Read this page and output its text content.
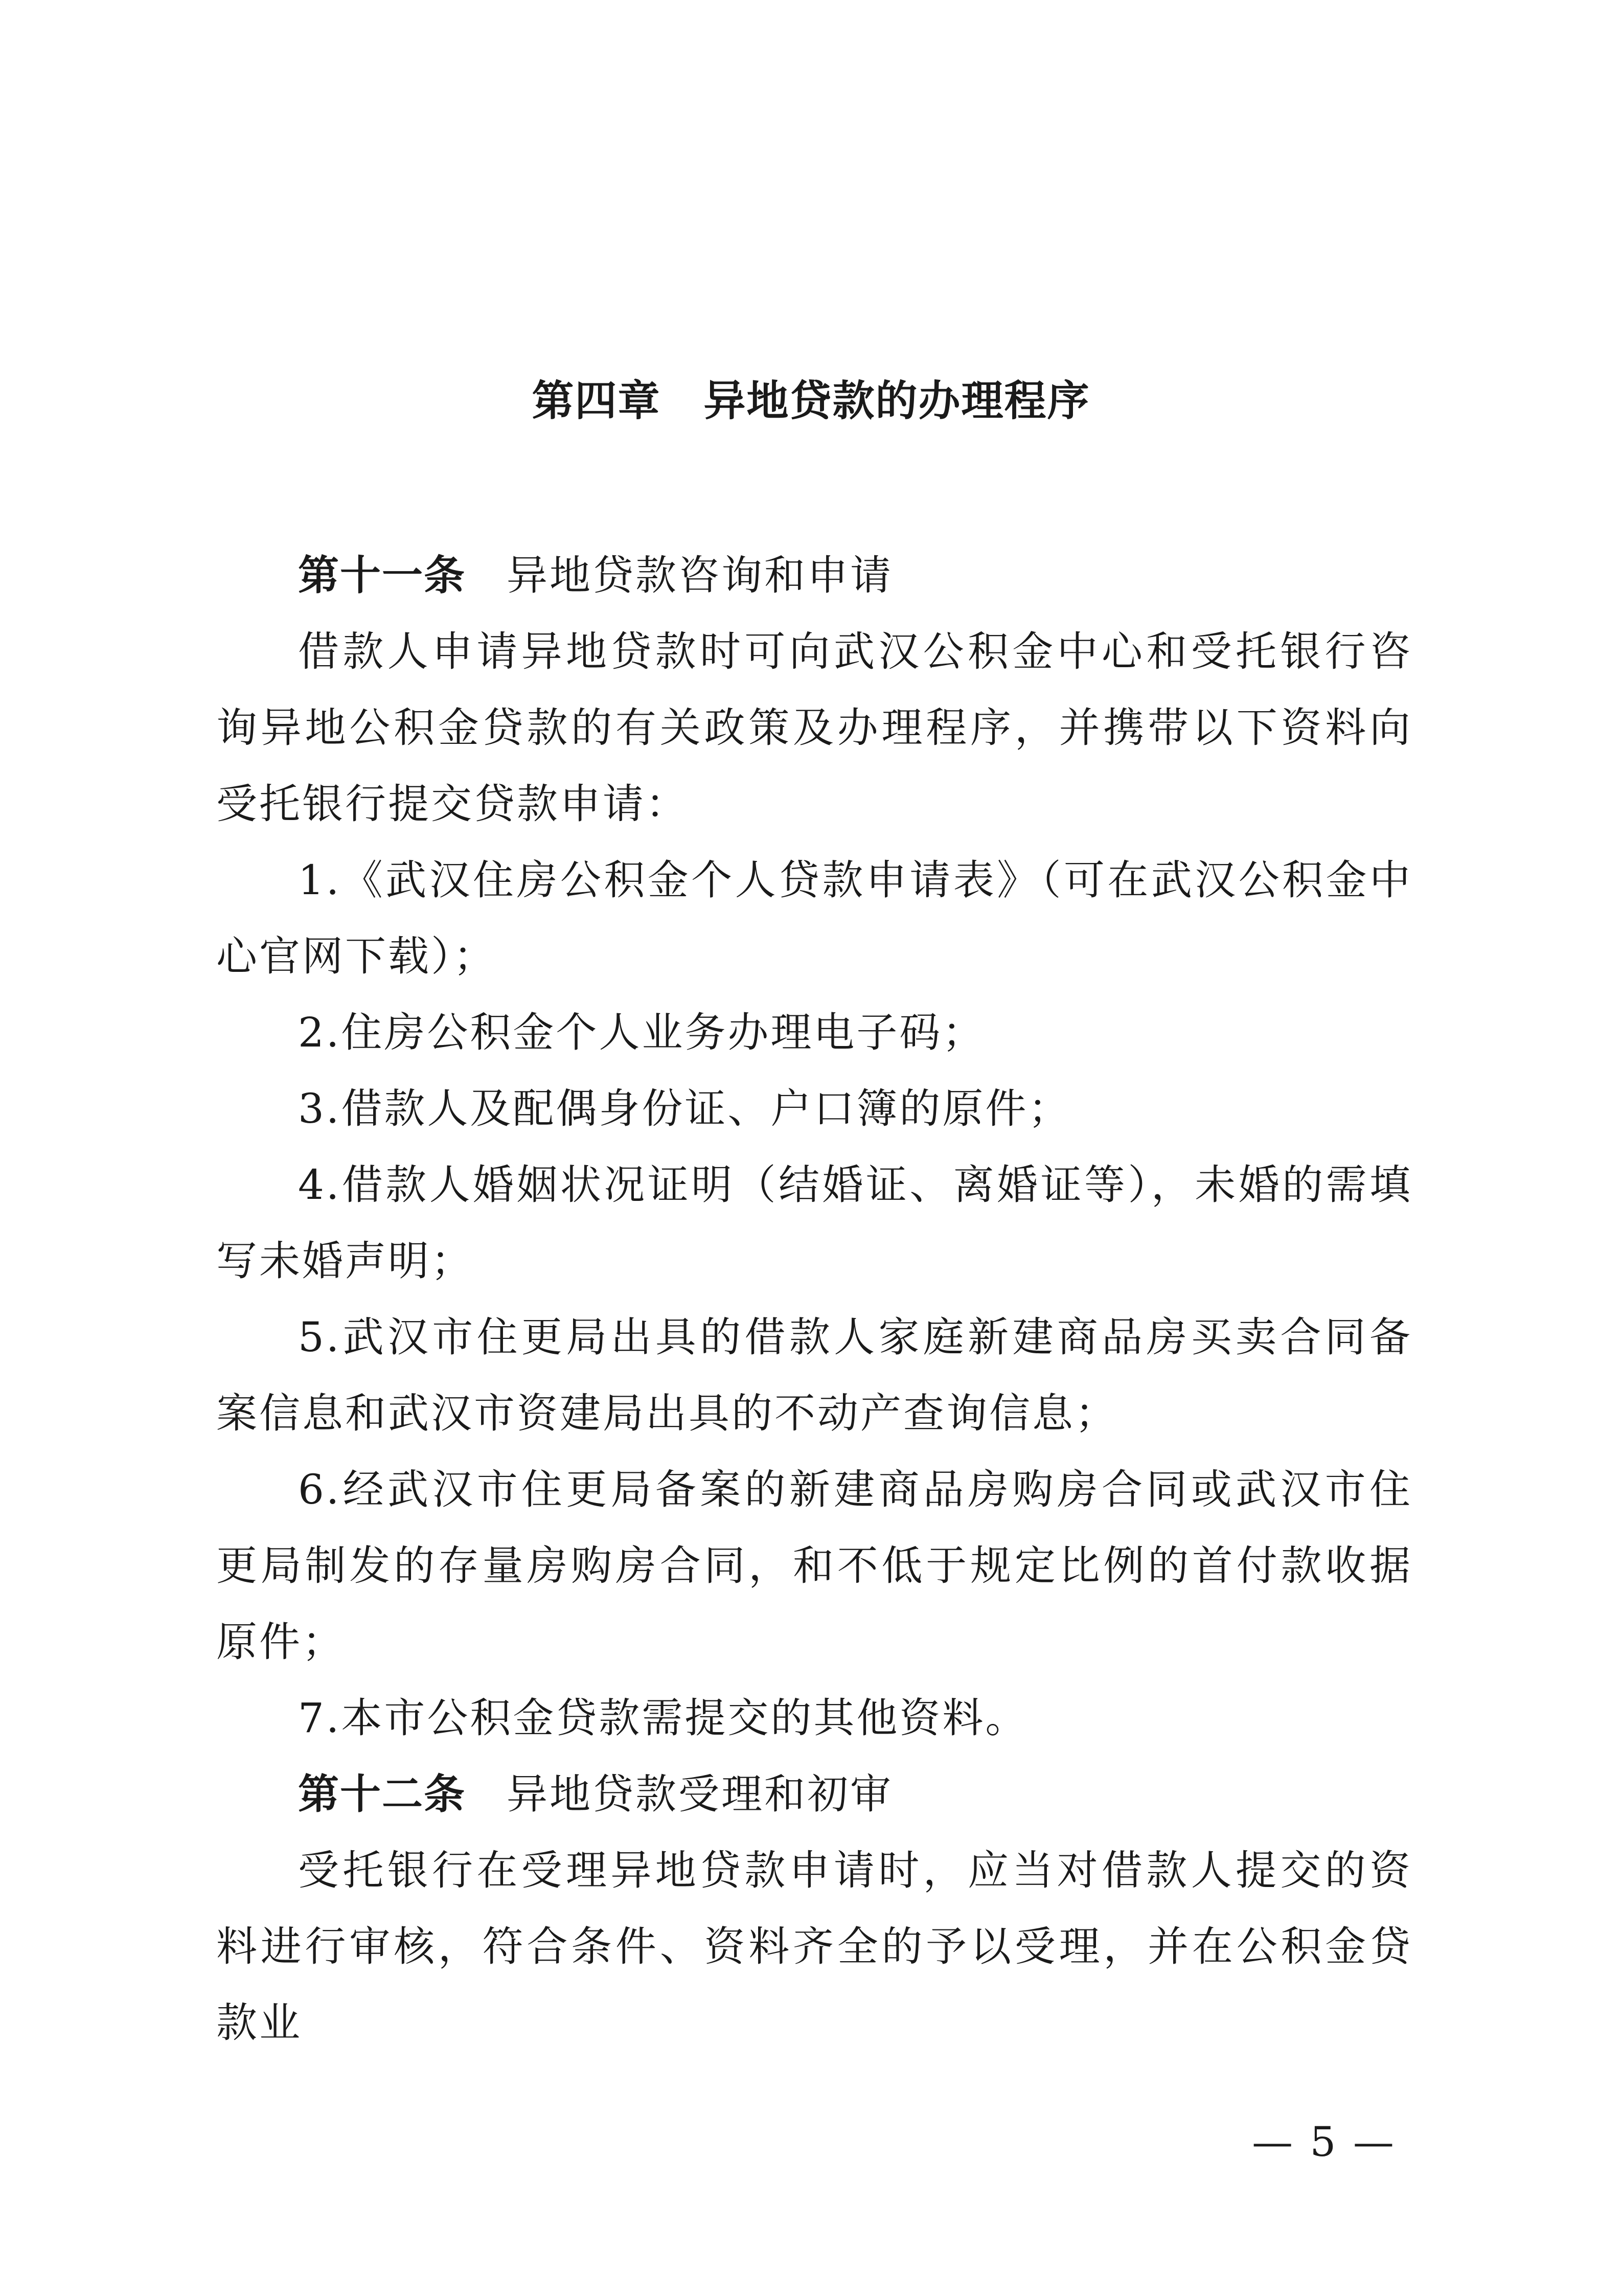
第四章　异地贷款的办理程序

第十一条 异地贷款咨询和申请

借款人申请异地贷款时可向武汉公积金中心和受托银行咨询异地公积金贷款的有关政策及办理程序，并携带以下资料向受托银行提交贷款申请：

1.《武汉住房公积金个人贷款申请表》（可在武汉公积金中心官网下载）；

2.住房公积金个人业务办理电子码；

3.借款人及配偶身份证、户口簿的原件；

4.借款人婚姻状况证明（结婚证、离婚证等），未婚的需填写未婚声明；

5.武汉市住更局出具的借款人家庭新建商品房买卖合同备案信息和武汉市资建局出具的不动产查询信息；

6.经武汉市住更局备案的新建商品房购房合同或武汉市住更局制发的存量房购房合同，和不低于规定比例的首付款收据原件；

7.本市公积金贷款需提交的其他资料。

第十二条 异地贷款受理和初审

受托银行在受理异地贷款申请时，应当对借款人提交的资料进行审核，符合条件、资料齐全的予以受理，并在公积金贷款业

— 5 —
